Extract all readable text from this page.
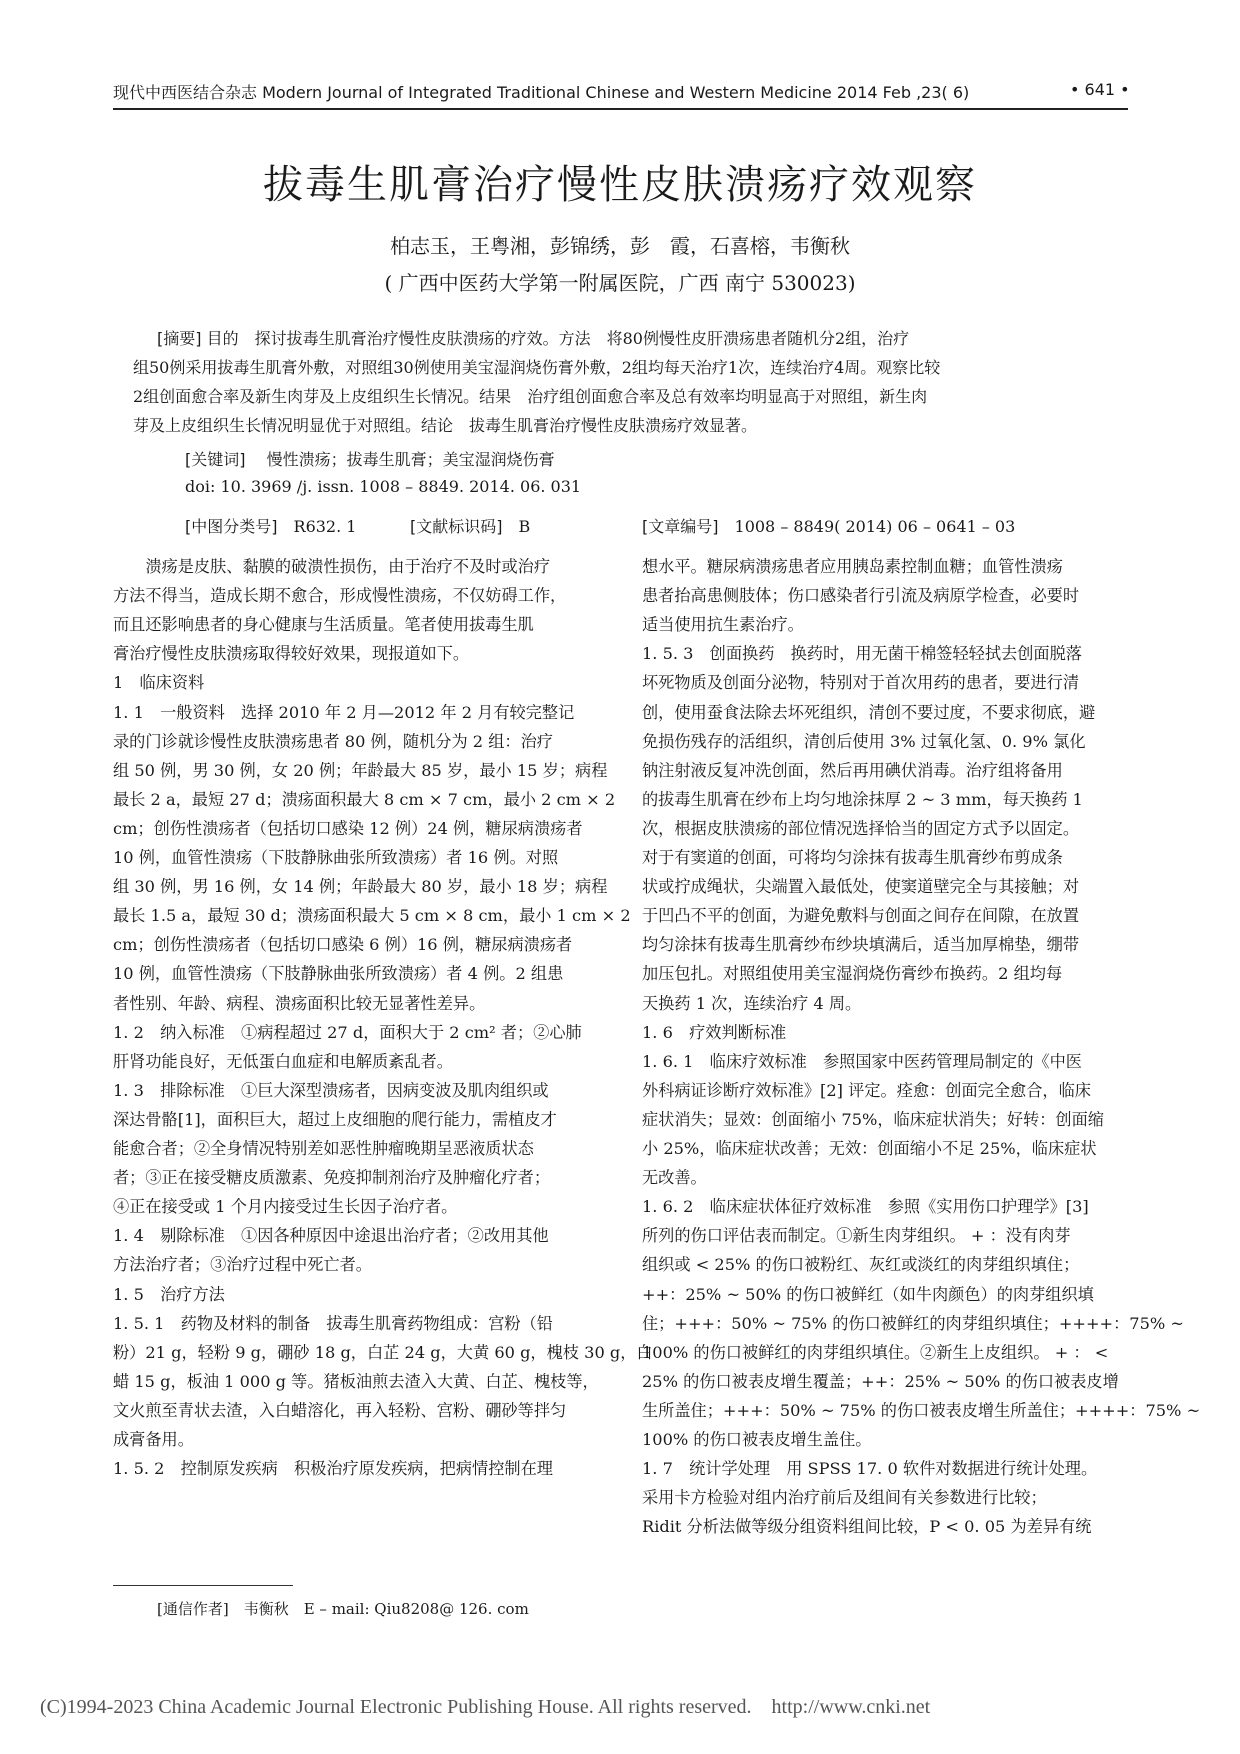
现代中西医结合杂志 Modern Journal of Integrated Traditional Chinese and Western Medicine 2014 Feb ,23( 6)	• 641 •
拔毒生肌膏治疗慢性皮肤溃疡疗效观察
柏志玉，王粤湘，彭锦绣，彭　霞，石喜榕，韦衡秋
( 广西中医药大学第一附属医院，广西 南宁 530023)
[摘要] 目的　探讨拔毒生肌膏治疗慢性皮肤溃疡的疗效。方法　将80例慢性皮肝溃疡患者随机分2组，治疗
组50例采用拔毒生肌膏外敷，对照组30例使用美宝湿润烧伤膏外敷，2组均每天治疗1次，连续治疗4周。观察比较
2组创面愈合率及新生肉芽及上皮组织生长情况。结果　治疗组创面愈合率及总有效率均明显高于对照组，新生肉
芽及上皮组织生长情况明显优于对照组。结论　拔毒生肌膏治疗慢性皮肤溃疡疗效显著。
[关键词]　 慢性溃疡；拔毒生肌膏；美宝湿润烧伤膏
doi: 10. 3969 /j. issn. 1008 – 8849. 2014. 06. 031
[中图分类号]　 R632. 1	[文献标识码]　 B	[文章编号]　 1008 – 8849( 2014) 06 – 0641 – 03
　　溃疡是皮肤、黏膜的破溃性损伤，由于治疗不及时或治疗
方法不得当，造成长期不愈合，形成慢性溃疡，不仅妨碍工作，
而且还影响患者的身心健康与生活质量。笔者使用拔毒生肌
膏治疗慢性皮肤溃疡取得较好效果，现报道如下。
1　临床资料
1. 1　一般资料　选择 2010 年 2 月—2012 年 2 月有较完整记
录的门诊就诊慢性皮肤溃疡患者 80 例，随机分为 2 组：治疗
组 50 例，男 30 例，女 20 例；年龄最大 85 岁，最小 15 岁；病程
最长 2 a，最短 27 d；溃疡面积最大 8 cm × 7 cm，最小 2 cm × 2
cm；创伤性溃疡者（包括切口感染 12 例）24 例，糖尿病溃疡者
10 例，血管性溃疡（下肢静脉曲张所致溃疡）者 16 例。对照
组 30 例，男 16 例，女 14 例；年龄最大 80 岁，最小 18 岁；病程
最长 1.5 a，最短 30 d；溃疡面积最大 5 cm × 8 cm，最小 1 cm × 2
cm；创伤性溃疡者（包括切口感染 6 例）16 例，糖尿病溃疡者
10 例，血管性溃疡（下肢静脉曲张所致溃疡）者 4 例。2 组患
者性别、年龄、病程、溃疡面积比较无显著性差异。
1. 2　纳入标准　①病程超过 27 d，面积大于 2 cm² 者；②心肺
肝肾功能良好，无低蛋白血症和电解质紊乱者。
1. 3　排除标准　①巨大深型溃疡者，因病变波及肌肉组织或
深达骨骼[1]，面积巨大，超过上皮细胞的爬行能力，需植皮才
能愈合者；②全身情况特别差如恶性肿瘤晚期呈恶液质状态
者；③正在接受糖皮质激素、免疫抑制剂治疗及肿瘤化疗者；
④正在接受或 1 个月内接受过生长因子治疗者。
1. 4　剔除标准　①因各种原因中途退出治疗者；②改用其他
方法治疗者；③治疗过程中死亡者。
1. 5　治疗方法
1. 5. 1　药物及材料的制备　拔毒生肌膏药物组成：宫粉（铅
粉）21 g，轻粉 9 g，硼砂 18 g，白芷 24 g，大黄 60 g，槐枝 30 g，白
蜡 15 g，板油 1 000 g 等。猪板油煎去渣入大黄、白芷、槐枝等，
文火煎至青状去渣，入白蜡溶化，再入轻粉、宫粉、硼砂等拌匀
成膏备用。
1. 5. 2　控制原发疾病　积极治疗原发疾病，把病情控制在理
想水平。糖尿病溃疡患者应用胰岛素控制血糖；血管性溃疡
患者抬高患侧肢体；伤口感染者行引流及病原学检查，必要时
适当使用抗生素治疗。
1. 5. 3　创面换药　换药时，用无菌干棉签轻轻拭去创面脱落
坏死物质及创面分泌物，特别对于首次用药的患者，要进行清
创，使用蚕食法除去坏死组织，清创不要过度，不要求彻底，避
免损伤残存的活组织，清创后使用 3% 过氧化氢、0. 9% 氯化
钠注射液反复冲洗创面，然后再用碘伏消毒。治疗组将备用
的拔毒生肌膏在纱布上均匀地涂抹厚 2 ~ 3 mm，每天换药 1
次，根据皮肤溃疡的部位情况选择恰当的固定方式予以固定。
对于有窦道的创面，可将均匀涂抹有拔毒生肌膏纱布剪成条
状或拧成绳状，尖端置入最低处，使窦道壁完全与其接触；对
于凹凸不平的创面，为避免敷料与创面之间存在间隙，在放置
均匀涂抹有拔毒生肌膏纱布纱块填满后，适当加厚棉垫，绷带
加压包扎。对照组使用美宝湿润烧伤膏纱布换药。2 组均每
天换药 1 次，连续治疗 4 周。
1. 6　疗效判断标准
1. 6. 1　临床疗效标准　参照国家中医药管理局制定的《中医
外科病证诊断疗效标准》[2] 评定。痊愈：创面完全愈合，临床
症状消失；显效：创面缩小 75%，临床症状消失；好转：创面缩
小 25%，临床症状改善；无效：创面缩小不足 25%，临床症状
无改善。
1. 6. 2　临床症状体征疗效标准　参照《实用伤口护理学》[3]
所列的伤口评估表而制定。①新生肉芽组织。 + ：没有肉芽
组织或 < 25% 的伤口被粉红、灰红或淡红的肉芽组织填住；
++：25% ~ 50% 的伤口被鲜红（如牛肉颜色）的肉芽组织填
住；+++：50% ~ 75% 的伤口被鲜红的肉芽组织填住；++++：75% ~
100% 的伤口被鲜红的肉芽组织填住。②新生上皮组织。 + ： <
25% 的伤口被表皮增生覆盖；++：25% ~ 50% 的伤口被表皮增
生所盖住；+++：50% ~ 75% 的伤口被表皮增生所盖住；++++：75% ~
100% 的伤口被表皮增生盖住。
1. 7　统计学处理　用 SPSS 17. 0 软件对数据进行统计处理。
采用卡方检验对组内治疗前后及组间有关参数进行比较；
Ridit 分析法做等级分组资料组间比较，P < 0. 05 为差异有统
[通信作者]　韦衡秋　E – mail: Qiu8208@ 126. com
(C)1994-2023 China Academic Journal Electronic Publishing House. All rights reserved.　http://www.cnki.net
